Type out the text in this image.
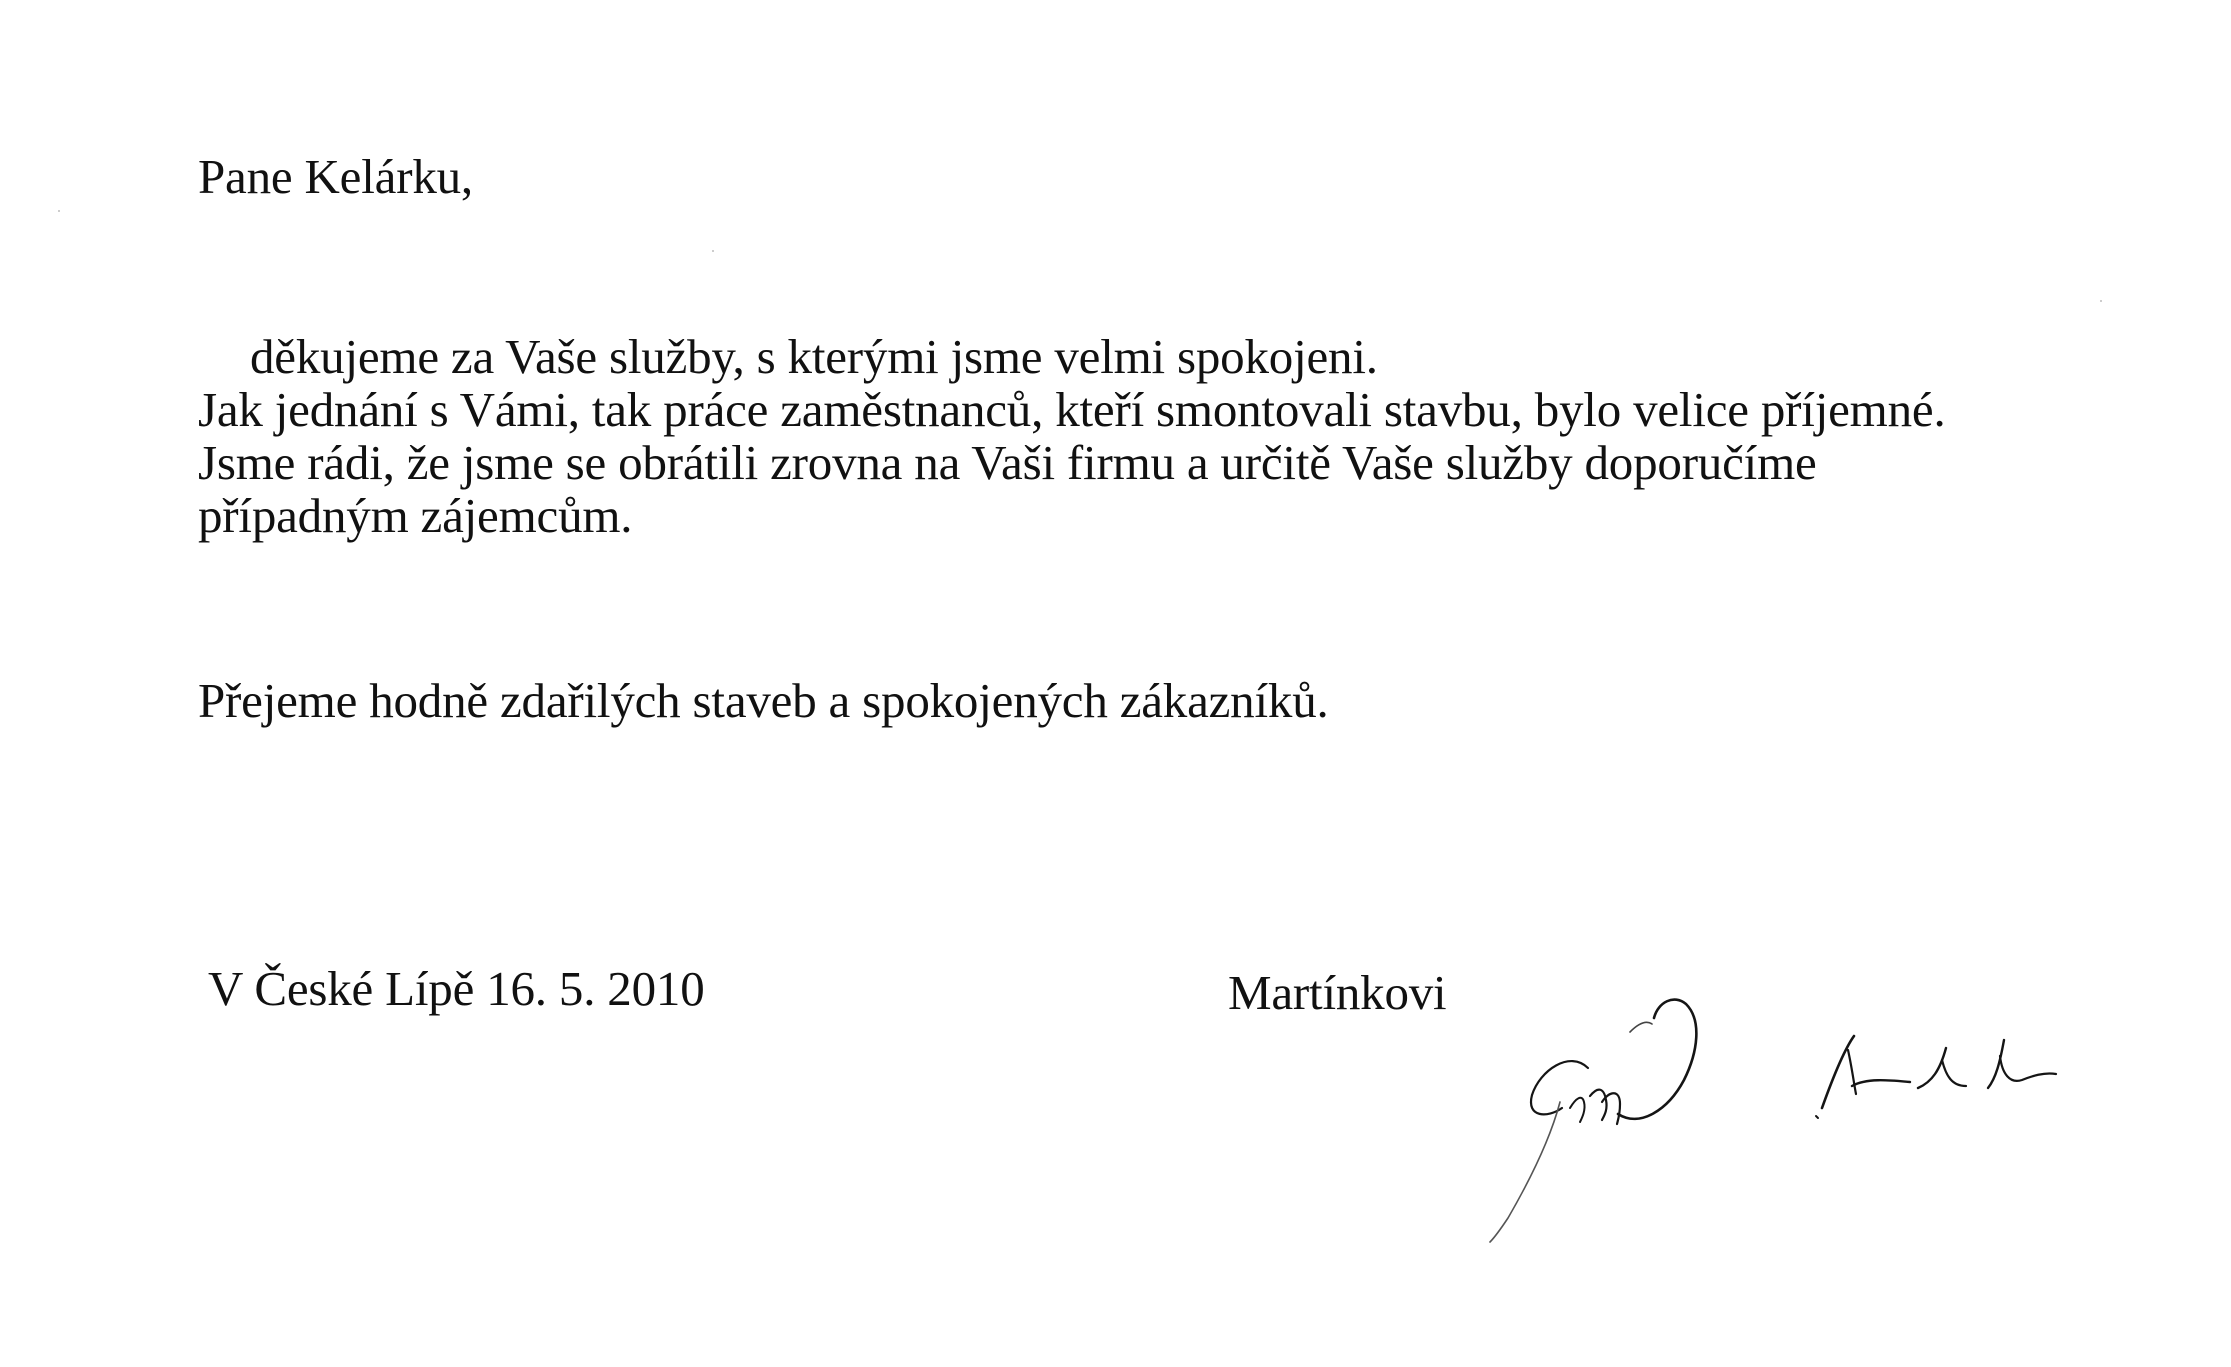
Pane Kelárku,
děkujeme za Vaše služby, s kterými jsme velmi spokojeni.
Jak jednání s Vámi, tak práce zaměstnanců, kteří smontovali stavbu, bylo velice příjemné.
Jsme rádi, že jsme se obrátili zrovna na Vaši firmu a určitě Vaše služby doporučíme
případným zájemcům.
Přejeme hodně zdařilých staveb a spokojených zákazníků.
V České Lípě 16. 5. 2010	Martínkovi
